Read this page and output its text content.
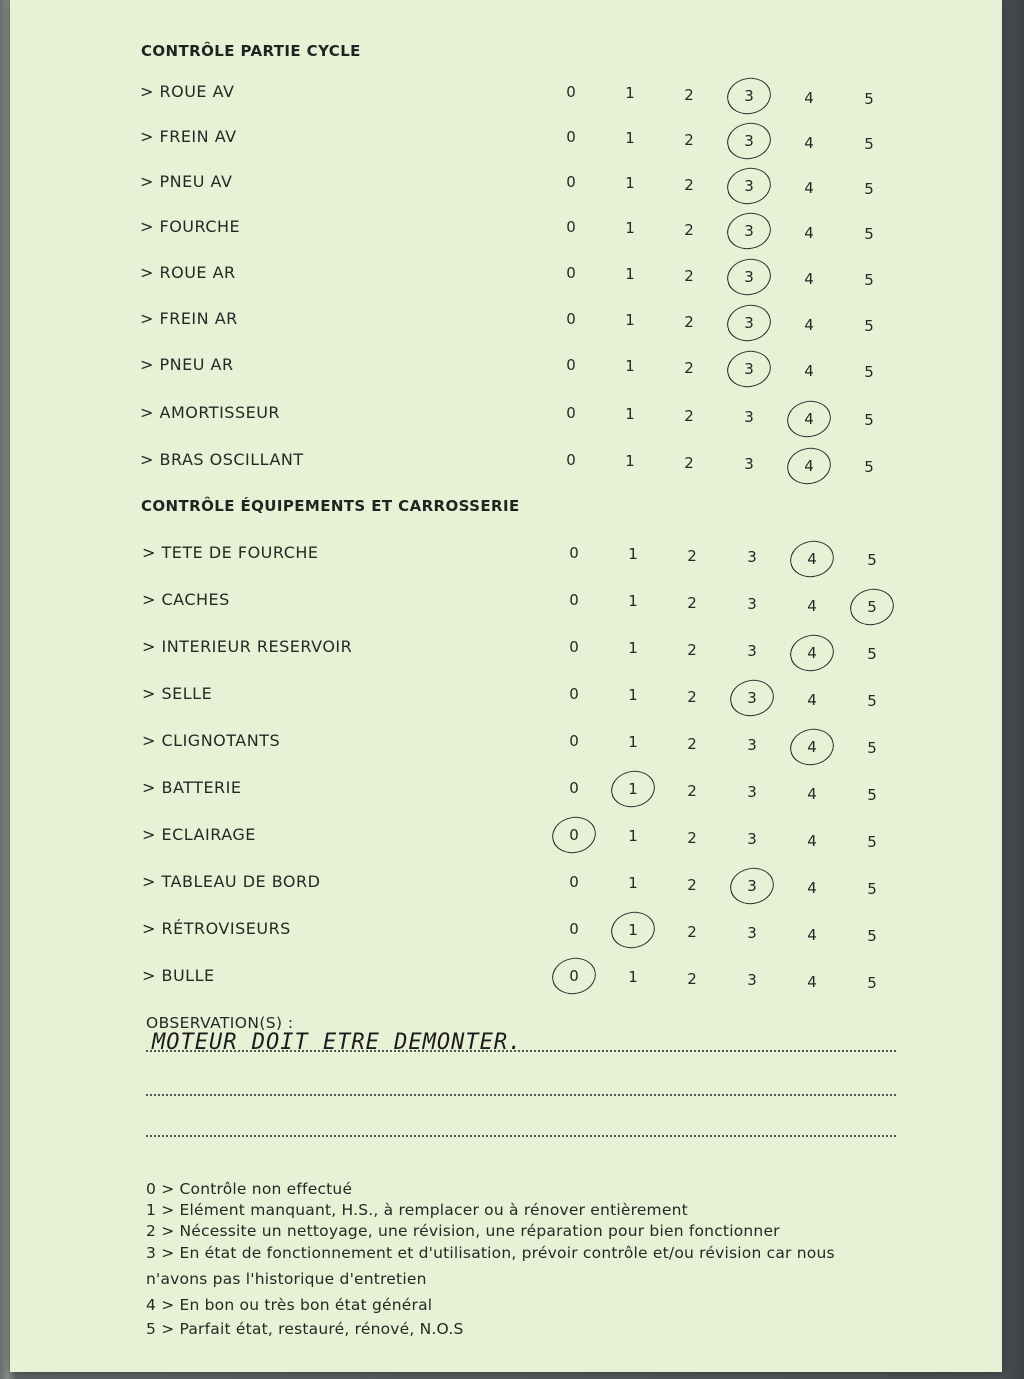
CONTRÔLE PARTIE CYCLE
> ROUE AV	0	1	2	3	4	5
> FREIN AV	0	1	2	3	4	5
> PNEU AV	0	1	2	3	4	5
> FOURCHE	0	1	2	3	4	5
> ROUE AR	0	1	2	3	4	5
> FREIN AR	0	1	2	3	4	5
> PNEU AR	0	1	2	3	4	5
> AMORTISSEUR	0	1	2	3	4	5
> BRAS OSCILLANT	0	1	2	3	4	5
CONTRÔLE ÉQUIPEMENTS ET CARROSSERIE
> TETE DE FOURCHE	0	1	2	3	4	5
> CACHES	0	1	2	3	4	5
> INTERIEUR RESERVOIR	0	1	2	3	4	5
> SELLE	0	1	2	3	4	5
> CLIGNOTANTS	0	1	2	3	4	5
> BATTERIE	0	1	2	3	4	5
> ECLAIRAGE	0	1	2	3	4	5
> TABLEAU DE BORD	0	1	2	3	4	5
> RÉTROVISEURS	0	1	2	3	4	5
> BULLE	0	1	2	3	4	5
OBSERVATION(S) :
MOTEUR DOIT ETRE DEMONTER.
0 > Contrôle non effectué
1 > Elément manquant, H.S., à remplacer ou à rénover entièrement
2 > Nécessite un nettoyage, une révision, une réparation pour bien fonctionner
3 > En état de fonctionnement et d'utilisation, prévoir contrôle et/ou révision car nous
n'avons pas l'historique d'entretien
4 > En bon ou très bon état général
5 > Parfait état, restauré, rénové, N.O.S
